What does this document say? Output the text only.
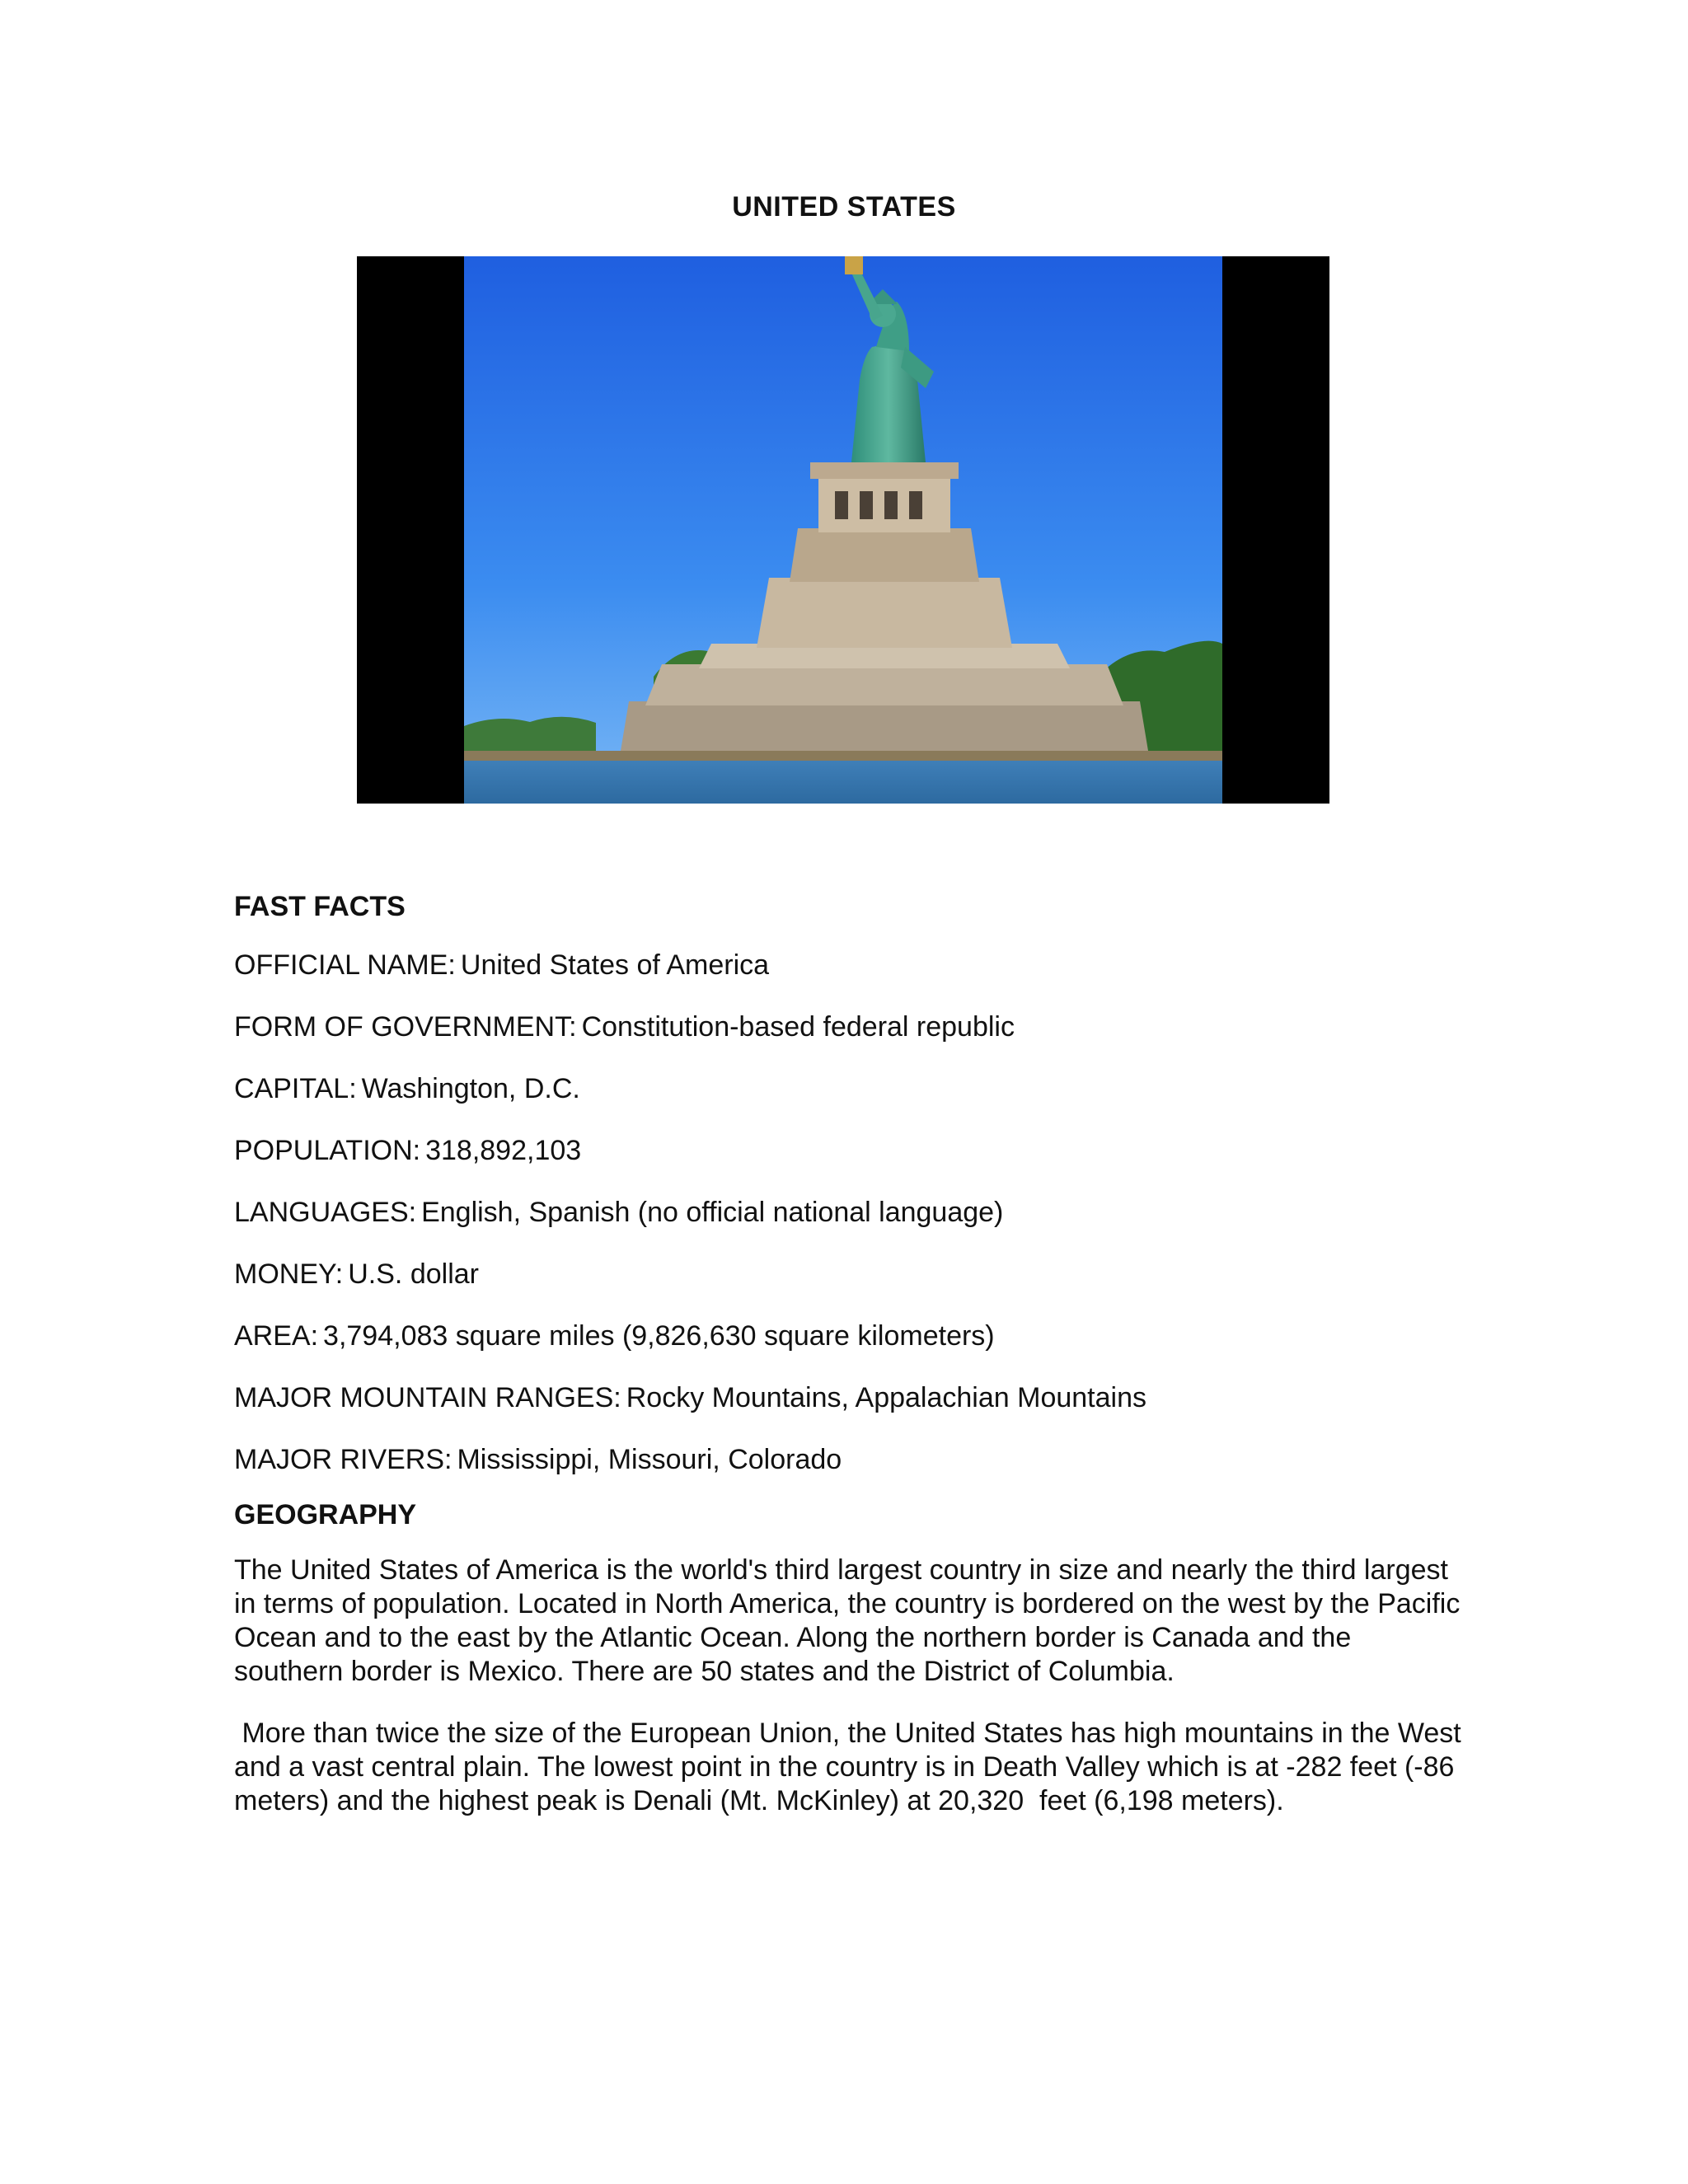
UNITED STATES
FAST FACTS
OFFICIAL NAME: United States of America
FORM OF GOVERNMENT: Constitution-based federal republic
CAPITAL: Washington, D.C.
POPULATION: 318,892,103
LANGUAGES: English, Spanish (no official national language)
MONEY: U.S. dollar
AREA: 3,794,083 square miles (9,826,630 square kilometers)
MAJOR MOUNTAIN RANGES: Rocky Mountains, Appalachian Mountains
MAJOR RIVERS: Mississippi, Missouri, Colorado
GEOGRAPHY

The United States of America is the world's third largest country in size and nearly the third largest in terms of population. Located in North America, the country is bordered on the west by the Pacific Ocean and to the east by the Atlantic Ocean. Along the northern border is Canada and the southern border is Mexico. There are 50 states and the District of Columbia.

More than twice the size of the European Union, the United States has high mountains in the West and a vast central plain. The lowest point in the country is in Death Valley which is at -282 feet (-86 meters) and the highest peak is Denali (Mt. McKinley) at 20,320  feet (6,198 meters).
